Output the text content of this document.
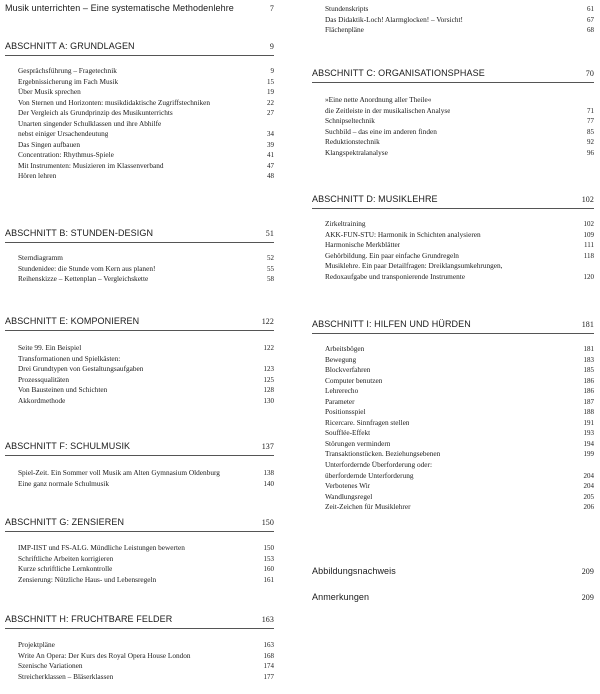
Musik unterrichten – Eine systematische Methodenlehre	7
ABSCHNITT A: GRUNDLAGEN	9
Gesprächsführung – Fragetechnik	9
Ergebnissicherung im Fach Musik	15
Über Musik sprechen	19
Von Sternen und Horizonten: musikdidaktische Zugriffstechniken	22
Der Vergleich als Grundprinzip des Musikunterrichts	27
Unarten singender Schulklassen und ihre Abhilfe
nebst einiger Ursachendeutung	34
Das Singen aufbauen	39
Concentration: Rhythmus-Spiele	41
Mit Instrumenten: Musizieren im Klassenverband	47
Hören lehren	48
ABSCHNITT B: STUNDEN-DESIGN	51
Sterndiagramm	52
Stundenidee: die Stunde vom Kern aus planen!	55
Reihenskizze – Kettenplan – Vergleichskette	58
ABSCHNITT E: KOMPONIEREN	122
Seite 99. Ein Beispiel	122
Transformationen und Spielkästen:
Drei Grundtypen von Gestaltungsaufgaben	123
Prozessqualitäten	125
Von Bausteinen und Schichten	128
Akkordmethode	130
ABSCHNITT F: SCHULMUSIK	137
Spiel-Zeit. Ein Sommer voll Musik am Alten Gymnasium Oldenburg	138
Eine ganz normale Schulmusik	140
ABSCHNITT G: ZENSIEREN	150
IMP-IIST und FS-ALG. Mündliche Leistungen bewerten	150
Schriftliche Arbeiten korrigieren	153
Kurze schriftliche Lernkontrolle	160
Zensierung: Nützliche Haus- und Lebensregeln	161
ABSCHNITT H: FRUCHTBARE FELDER	163
Projektpläne	163
Write An Opera: Der Kurs des Royal Opera House London	168
Szenische Variationen	174
Streicherklassen – Bläserklassen	177
Stundenskripts	61
Das Didaktik-Loch! Alarmglocken! – Vorsicht!	67
Flächenpläne	68
ABSCHNITT C: ORGANISATIONSPHASE	70
»Eine nette Anordnung aller Theile«
die Zeitleiste in der musikalischen Analyse	71
Schnipseltechnik	77
Suchbild – das eine im anderen finden	85
Reduktionstechnik	92
Klangspektralanalyse	96
ABSCHNITT D: MUSIKLEHRE	102
Zirkeltraining	102
AKK-FUN-STU: Harmonik in Schichten analysieren	109
Harmonische Merkblätter	111
Gehörbildung. Ein paar einfache Grundregeln	118
Musiklehre. Ein paar Detailfragen: Dreiklangsumkehrungen,
Redoxaufgabe und transponierende Instrumente	120
ABSCHNITT I: HILFEN UND HÜRDEN	181
Arbeitsbögen	181
Bewegung	183
Blockverfahren	185
Computer benutzen	186
Lehrerecho	186
Parameter	187
Positionsspiel	188
Ricercare. Sinnfragen stellen	191
Soufflée-Effekt	193
Störungen vermindern	194
Transaktionstücken. Beziehungsebenen	199
Unterfordernde Überforderung oder:
überfordernde Unterforderung	204
Verbotenes Wir	204
Wandlungsregel	205
Zeit-Zeichen für Musiklehrer	206
Abbildungsnachweis	209
Anmerkungen	209
